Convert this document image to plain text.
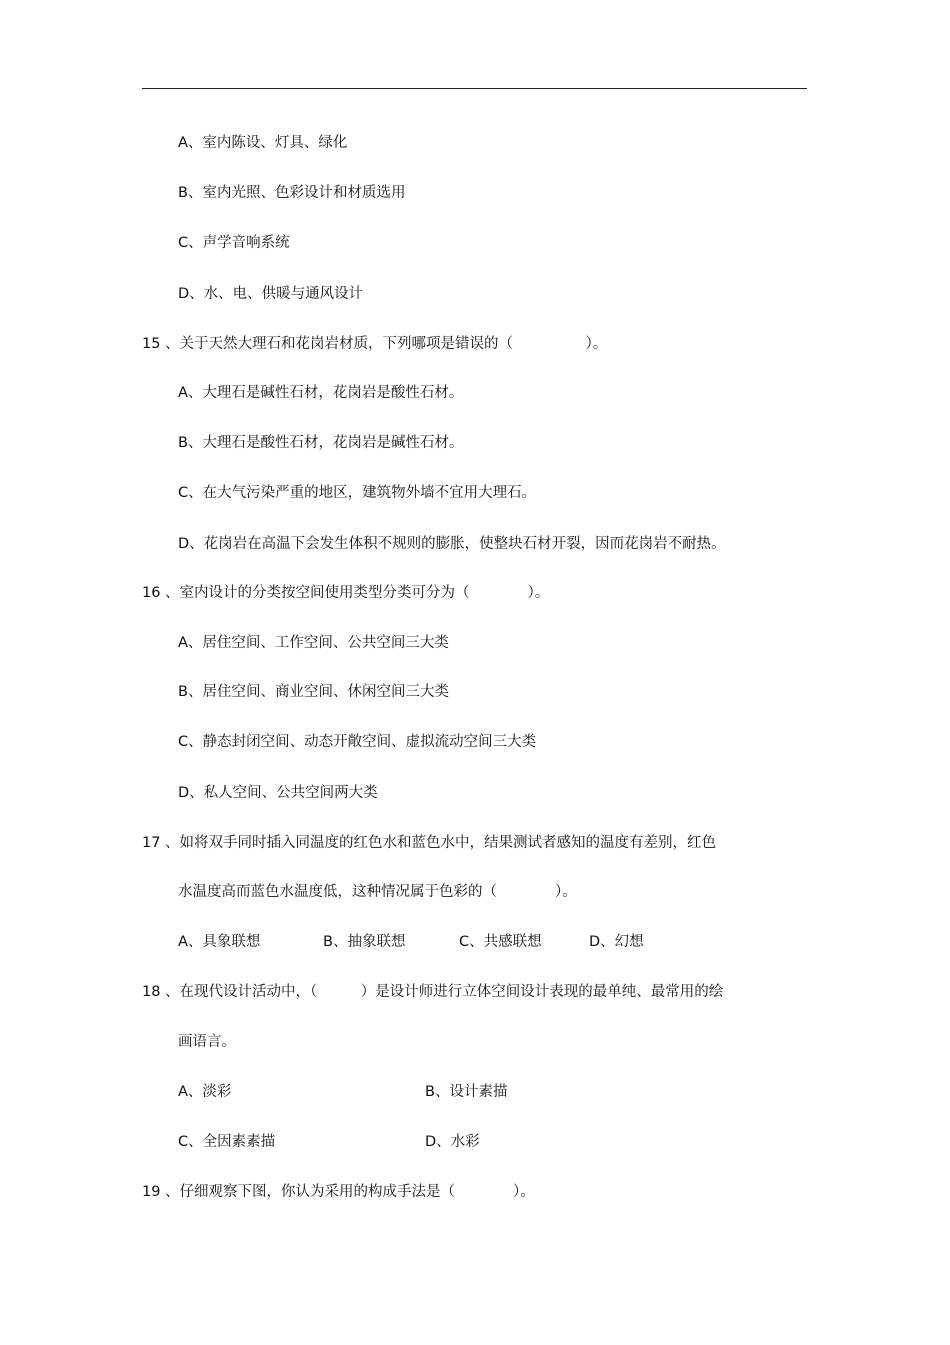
A、室内陈设、灯具、绿化
B、室内光照、色彩设计和材质选用
C、声学音响系统
D、水、电、供暖与通风设计
15 、关于天然大理石和花岗岩材质，下列哪项是错误的（　　　　　）。
A、大理石是碱性石材，花岗岩是酸性石材。
B、大理石是酸性石材，花岗岩是碱性石材。
C、在大气污染严重的地区，建筑物外墙不宜用大理石。
D、花岗岩在高温下会发生体积不规则的膨胀，使整块石材开裂，因而花岗岩不耐热。
16 、室内设计的分类按空间使用类型分类可分为（　　　　）。
A、居住空间、工作空间、公共空间三大类
B、居住空间、商业空间、休闲空间三大类
C、静态封闭空间、动态开敞空间、虚拟流动空间三大类
D、私人空间、公共空间两大类
17 、如将双手同时插入同温度的红色水和蓝色水中，结果测试者感知的温度有差别，红色
水温度高而蓝色水温度低，这种情况属于色彩的（　　　　）。
A、具象联想	B、抽象联想	C、共感联想	D、幻想
18 、在现代设计活动中，（　　　）是设计师进行立体空间设计表现的最单纯、最常用的绘
画语言。
A、淡彩	B、设计素描
C、全因素素描	D、水彩
19 、仔细观察下图，你认为采用的构成手法是（　　　　）。
